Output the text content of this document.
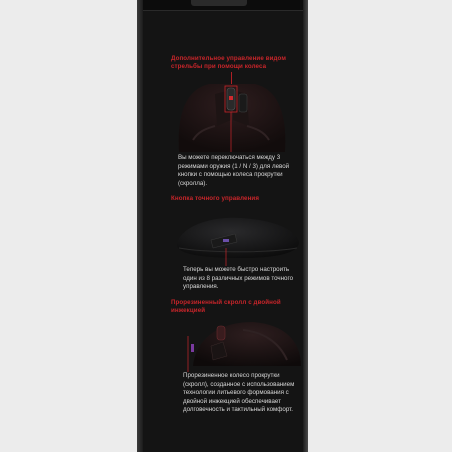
Дополнительное управление видом стрельбы при помощи колеса
Вы можете переключаться между 3 режимами оружия (1 / N / 3) для левой кнопки с помощью колеса прокрутки (скролла).
Кнопка точного управления
Теперь вы можете быстро настроить один из 8 различных режимов точного управления.
Прорезиненный скролл с двойной инжекцией
Прорезиненное колесо прокрутки (скролл), созданное с использованием технологии литьевого формования с двойной инжекцией обеспечивает долговечность и тактильный комфорт.
